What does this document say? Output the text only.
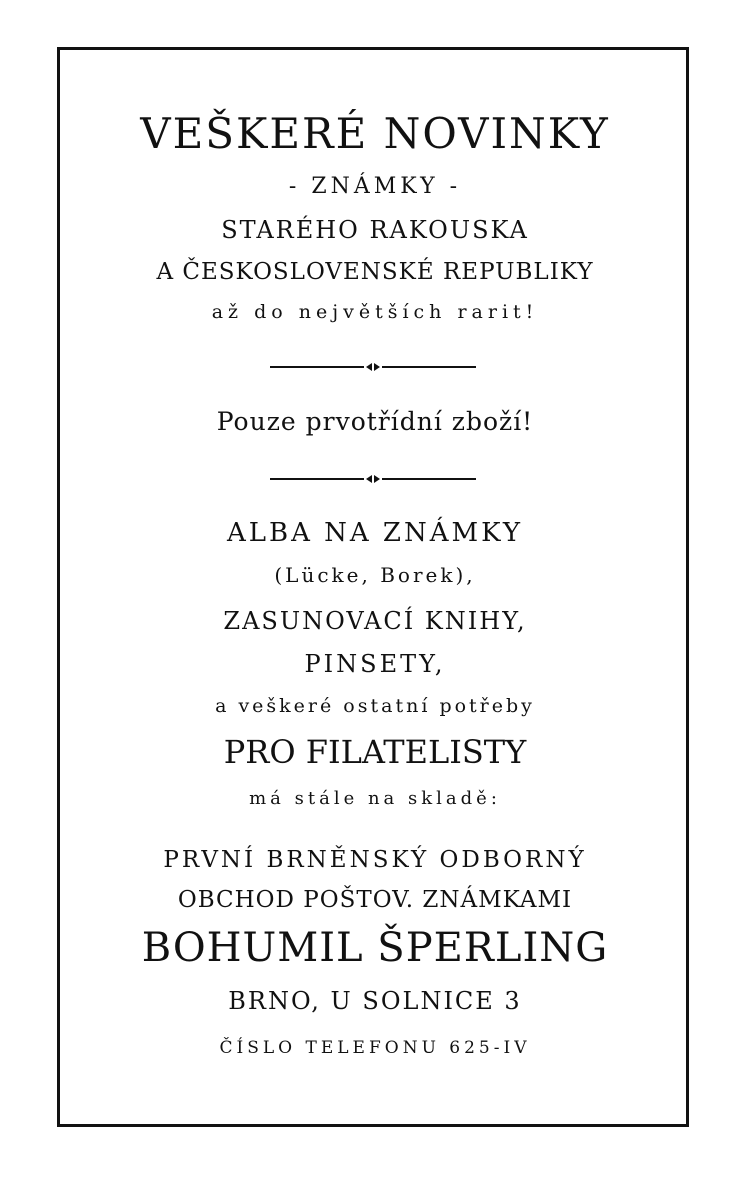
VEŠKERÉ NOVINKY
- ZNÁMKY -
STARÉHO RAKOUSKA
A ČESKOSLOVENSKÉ REPUBLIKY
až do největších rarit!
Pouze prvotřídní zboží!
ALBA NA ZNÁMKY
(Lücke, Borek),
ZASUNOVACÍ KNIHY,
PINSETY,
a veškeré ostatní potřeby
PRO FILATELISTY
má stále na skladě:
PRVNÍ BRNĚNSKÝ ODBORNÝ
OBCHOD POŠTOV. ZNÁMKAMI
BOHUMIL ŠPERLING
BRNO, U SOLNICE 3
ČÍSLO TELEFONU 625-IV
